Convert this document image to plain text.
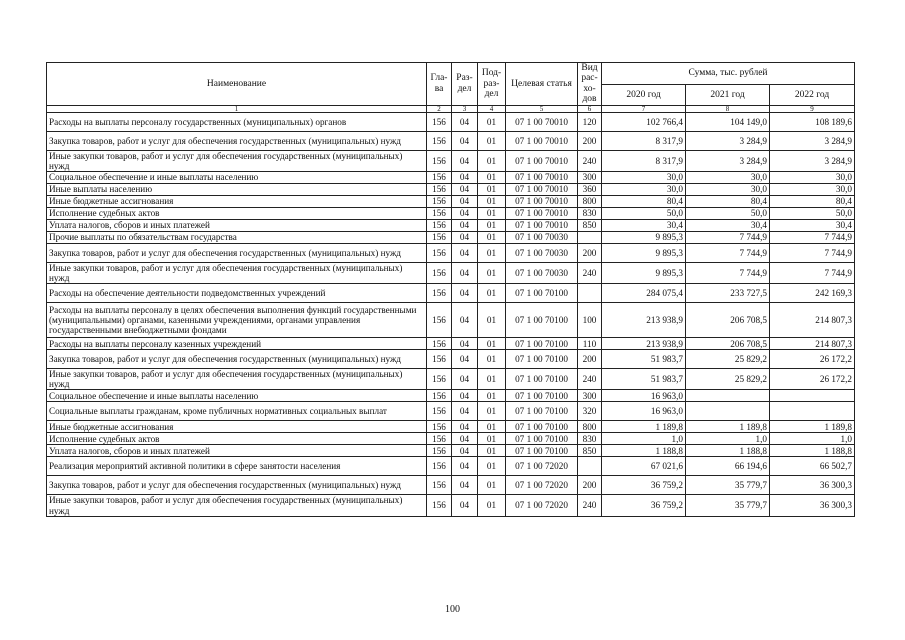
Наименование	Гла-ва	Раз-дел	Под-раз-дел	Целевая статья	Вид рас-хо-дов	Сумма, тыс. рублей		
						2020 год	2021 год	2022 год
1	2	3	4	5	6	7	8	9
Расходы на выплаты персоналу государственных (муниципальных) органов	156	04	01	07 1 00 70010	120	102 766,4	104 149,0	108 189,6
Закупка товаров, работ и услуг для обеспечения государственных (муниципальных) нужд	156	04	01	07 1 00 70010	200	8 317,9	3 284,9	3 284,9
Иные закупки товаров, работ и услуг для обеспечения государственных (муниципальных) нужд	156	04	01	07 1 00 70010	240	8 317,9	3 284,9	3 284,9
Социальное обеспечение и иные выплаты населению	156	04	01	07 1 00 70010	300	30,0	30,0	30,0
Иные выплаты населению	156	04	01	07 1 00 70010	360	30,0	30,0	30,0
Иные бюджетные ассигнования	156	04	01	07 1 00 70010	800	80,4	80,4	80,4
Исполнение судебных актов	156	04	01	07 1 00 70010	830	50,0	50,0	50,0
Уплата налогов, сборов и иных платежей	156	04	01	07 1 00 70010	850	30,4	30,4	30,4
Прочие выплаты по обязательствам государства	156	04	01	07 1 00 70030		9 895,3	7 744,9	7 744,9
Закупка товаров, работ и услуг для обеспечения государственных (муниципальных) нужд	156	04	01	07 1 00 70030	200	9 895,3	7 744,9	7 744,9
Иные закупки товаров, работ и услуг для обеспечения государственных (муниципальных) нужд	156	04	01	07 1 00 70030	240	9 895,3	7 744,9	7 744,9
Расходы на обеспечение деятельности подведомственных учреждений	156	04	01	07 1 00 70100		284 075,4	233 727,5	242 169,3
Расходы на выплаты персоналу в целях обеспечения выполнения функций государственными (муниципальными) органами, казенными учреждениями, органами управления государственными внебюджетными фондами	156	04	01	07 1 00 70100	100	213 938,9	206 708,5	214 807,3
Расходы на выплаты персоналу казенных учреждений	156	04	01	07 1 00 70100	110	213 938,9	206 708,5	214 807,3
Закупка товаров, работ и услуг для обеспечения государственных (муниципальных) нужд	156	04	01	07 1 00 70100	200	51 983,7	25 829,2	26 172,2
Иные закупки товаров, работ и услуг для обеспечения государственных (муниципальных) нужд	156	04	01	07 1 00 70100	240	51 983,7	25 829,2	26 172,2
Социальное обеспечение и иные выплаты населению	156	04	01	07 1 00 70100	300	16 963,0		
Социальные выплаты гражданам, кроме публичных нормативных социальных выплат	156	04	01	07 1 00 70100	320	16 963,0		
Иные бюджетные ассигнования	156	04	01	07 1 00 70100	800	1 189,8	1 189,8	1 189,8
Исполнение судебных актов	156	04	01	07 1 00 70100	830	1,0	1,0	1,0
Уплата налогов, сборов и иных платежей	156	04	01	07 1 00 70100	850	1 188,8	1 188,8	1 188,8
Реализация мероприятий активной политики в сфере занятости населения	156	04	01	07 1 00 72020		67 021,6	66 194,6	66 502,7
Закупка товаров, работ и услуг для обеспечения государственных (муниципальных) нужд	156	04	01	07 1 00 72020	200	36 759,2	35 779,7	36 300,3
Иные закупки товаров, работ и услуг для обеспечения государственных (муниципальных) нужд	156	04	01	07 1 00 72020	240	36 759,2	35 779,7	36 300,3
100
